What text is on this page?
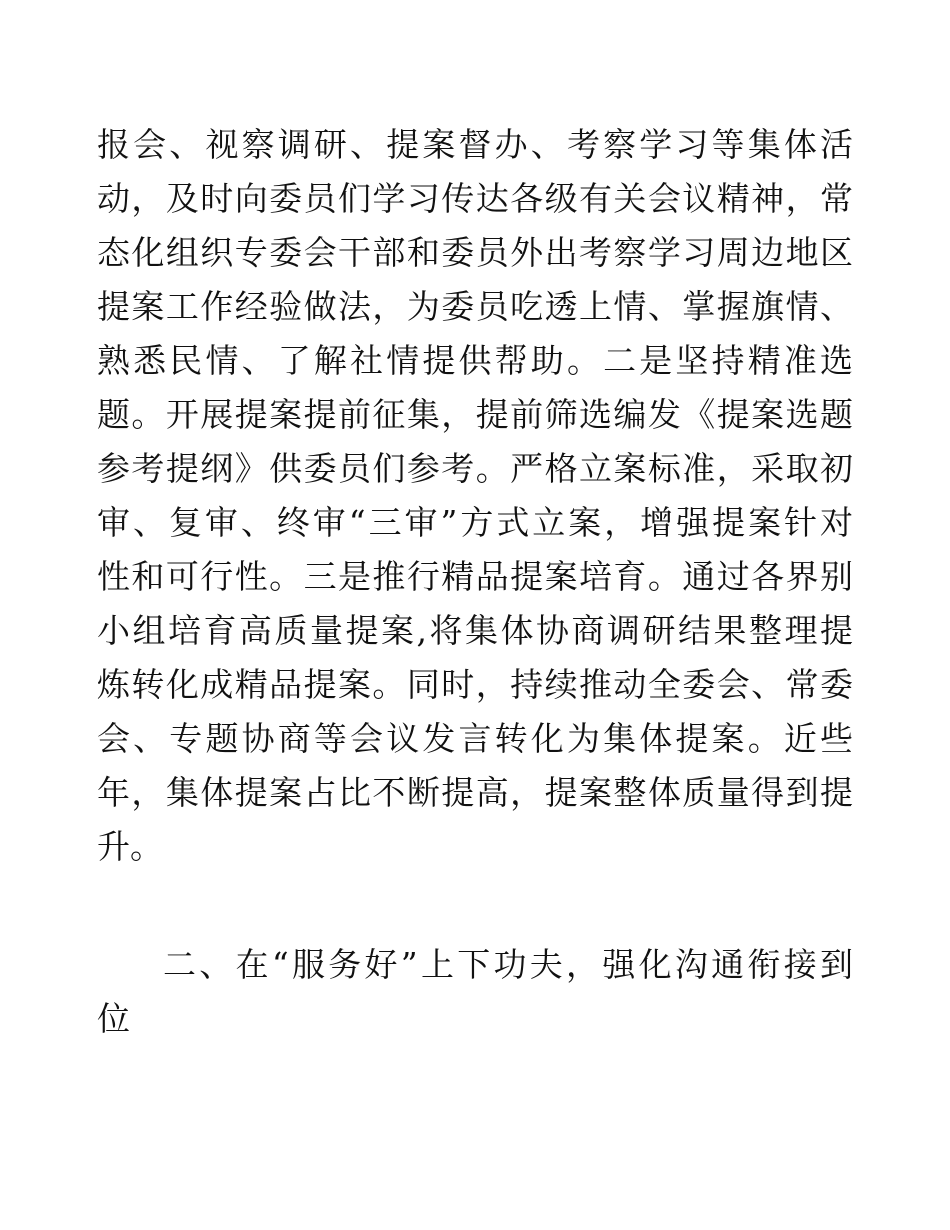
报会、视察调研、提案督办、考察学习等集体活
动，及时向委员们学习传达各级有关会议精神，常
态化组织专委会干部和委员外出考察学习周边地区
提案工作经验做法，为委员吃透上情、掌握旗情、
熟悉民情、了解社情提供帮助。二是坚持精准选
题。开展提案提前征集，提前筛选编发《提案选题
参考提纲》供委员们参考。严格立案标准，采取初
审、复审、终审“三审”方式立案，增强提案针对
性和可行性。三是推行精品提案培育。通过各界别
小组培育高质量提案,将集体协商调研结果整理提
炼转化成精品提案。同时，持续推动全委会、常委
会、专题协商等会议发言转化为集体提案。近些
年，集体提案占比不断提高，提案整体质量得到提
升。
二、在“服务好”上下功夫，强化沟通衔接到
位
